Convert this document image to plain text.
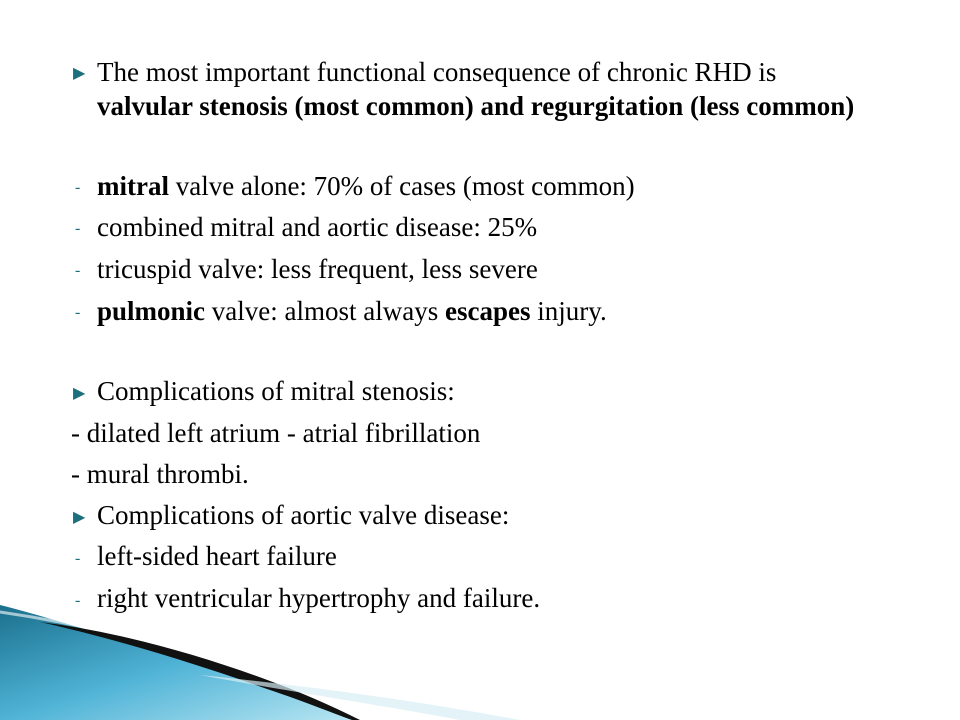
▶ The most important functional consequence of chronic RHD is valvular stenosis (most common) and regurgitation (less common)
- mitral valve alone: 70% of cases (most common)
- combined mitral and aortic disease: 25%
- tricuspid valve: less frequent, less severe
- pulmonic valve: almost always escapes injury.
▶ Complications of mitral stenosis:
- dilated left atrium - atrial fibrillation
- mural thrombi.
▶ Complications of aortic valve disease:
- left-sided heart failure
- right ventricular hypertrophy and failure.
